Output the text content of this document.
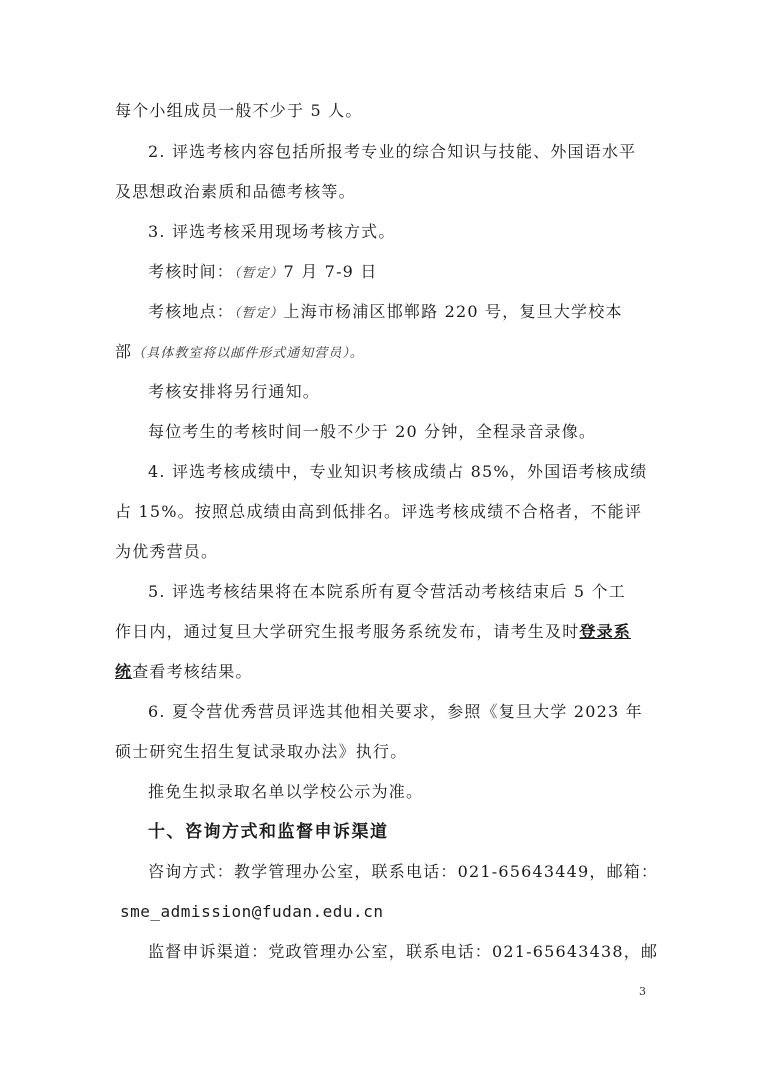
每个小组成员一般不少于 5 人。
2. 评选考核内容包括所报考专业的综合知识与技能、外国语水平
及思想政治素质和品德考核等。
3. 评选考核采用现场考核方式。
考核时间：（暂定）7 月 7-9 日
考核地点：（暂定）上海市杨浦区邯郸路 220 号，复旦大学校本
部（具体教室将以邮件形式通知营员）。
考核安排将另行通知。
每位考生的考核时间一般不少于 20 分钟，全程录音录像。
4. 评选考核成绩中，专业知识考核成绩占 85%，外国语考核成绩
占 15%。按照总成绩由高到低排名。评选考核成绩不合格者，不能评
为优秀营员。
5. 评选考核结果将在本院系所有夏令营活动考核结束后 5 个工
作日内，通过复旦大学研究生报考服务系统发布，请考生及时登录系
统查看考核结果。
6. 夏令营优秀营员评选其他相关要求，参照《复旦大学 2023 年
硕士研究生招生复试录取办法》执行。
推免生拟录取名单以学校公示为准。
十、咨询方式和监督申诉渠道
咨询方式：教学管理办公室，联系电话：021-65643449，邮箱：
sme_admission@fudan.edu.cn
监督申诉渠道：党政管理办公室，联系电话：021-65643438，邮
3
